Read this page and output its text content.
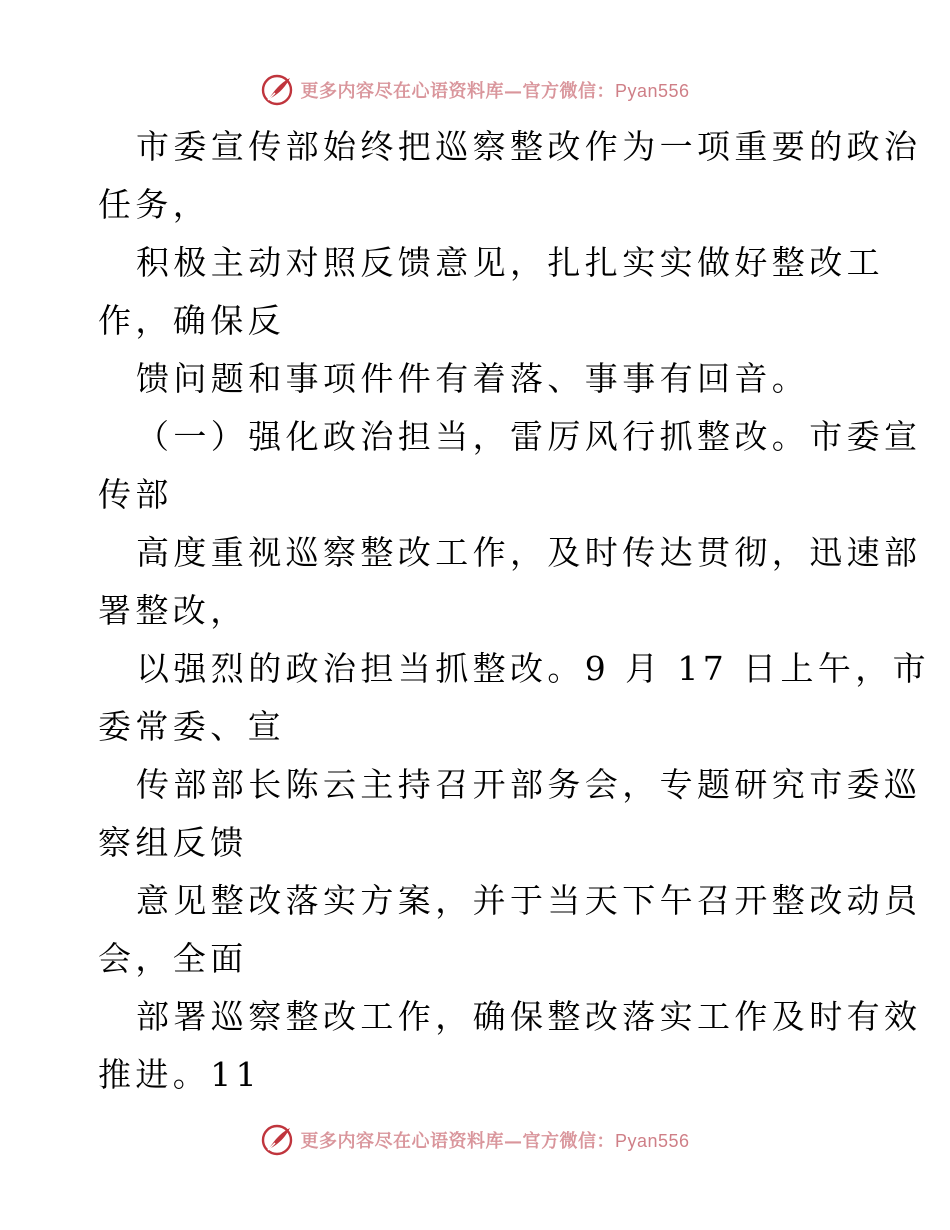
更多内容尽在心语资料库—官方微信：Pyan556
市委宣传部始终把巡察整改作为一项重要的政治
任务，
积极主动对照反馈意见，扎扎实实做好整改工
作，确保反
馈问题和事项件件有着落、事事有回音。
（一）强化政治担当，雷厉风行抓整改。市委宣
传部
高度重视巡察整改工作，及时传达贯彻，迅速部
署整改，
以强烈的政治担当抓整改。9 月 17 日上午，市
委常委、宣
传部部长陈云主持召开部务会，专题研究市委巡
察组反馈
意见整改落实方案，并于当天下午召开整改动员
会，全面
部署巡察整改工作，确保整改落实工作及时有效
推进。11
更多内容尽在心语资料库—官方微信：Pyan556
